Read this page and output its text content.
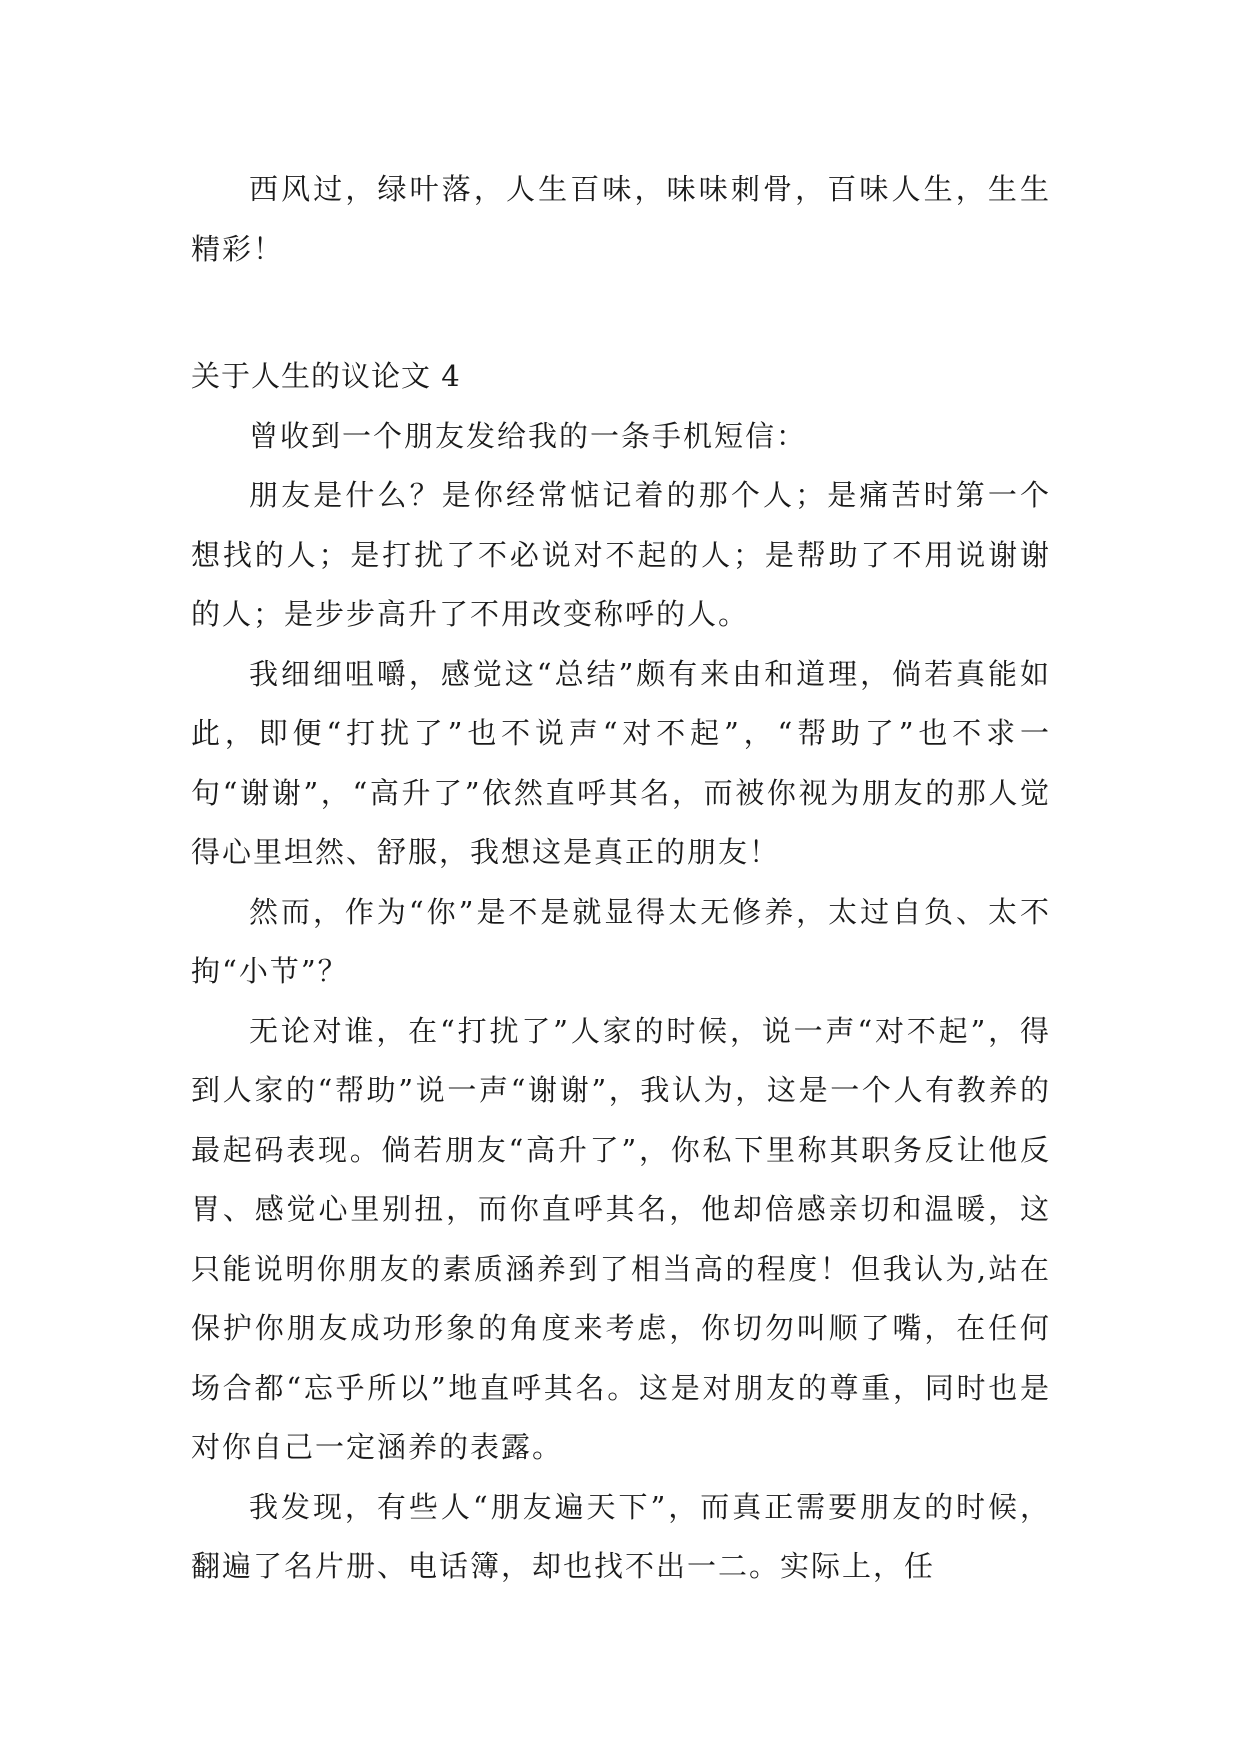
西风过，绿叶落，人生百味，味味刺骨，百味人生，生生精彩！

关于人生的议论文 4

曾收到一个朋友发给我的一条手机短信：

朋友是什么？是你经常惦记着的那个人；是痛苦时第一个想找的人；是打扰了不必说对不起的人；是帮助了不用说谢谢的人；是步步高升了不用改变称呼的人。

我细细咀嚼，感觉这“总结”颇有来由和道理，倘若真能如此，即便“打扰了”也不说声“对不起”，“帮助了”也不求一句“谢谢”，“高升了”依然直呼其名，而被你视为朋友的那人觉得心里坦然、舒服，我想这是真正的朋友！

然而，作为“你”是不是就显得太无修养，太过自负、太不拘“小节”？

无论对谁，在“打扰了”人家的时候，说一声“对不起”，得到人家的“帮助”说一声“谢谢”，我认为，这是一个人有教养的最起码表现。倘若朋友“高升了”，你私下里称其职务反让他反胃、感觉心里别扭，而你直呼其名，他却倍感亲切和温暖，这只能说明你朋友的素质涵养到了相当高的程度！但我认为,站在保护你朋友成功形象的角度来考虑，你切勿叫顺了嘴，在任何场合都“忘乎所以”地直呼其名。这是对朋友的尊重，同时也是对你自己一定涵养的表露。

我发现，有些人“朋友遍天下”，而真正需要朋友的时候，翻遍了名片册、电话簿，却也找不出一二。实际上，任
